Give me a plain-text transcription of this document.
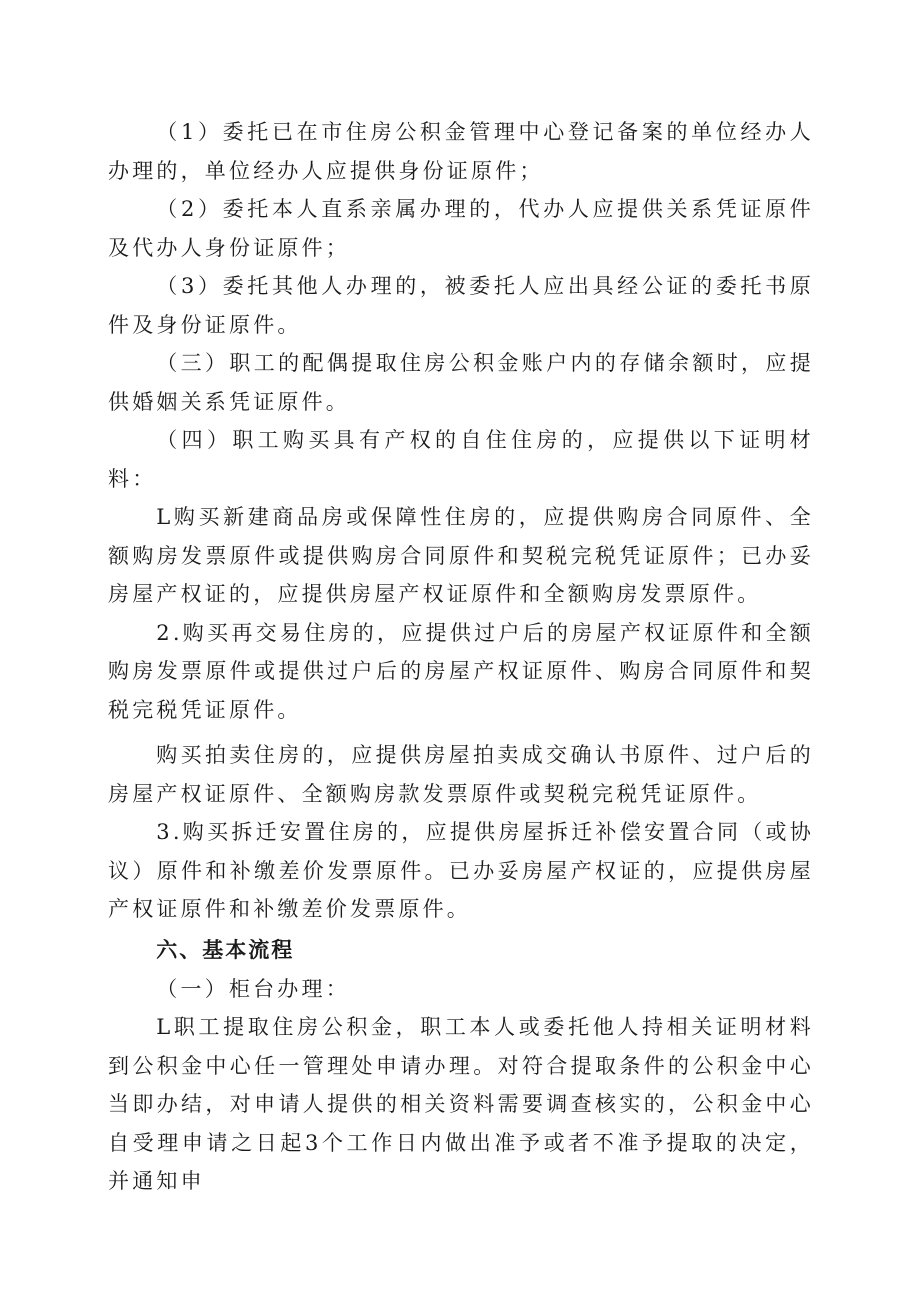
（1）委托已在市住房公积金管理中心登记备案的单位经办人办理的，单位经办人应提供身份证原件；

（2）委托本人直系亲属办理的，代办人应提供关系凭证原件及代办人身份证原件；

（3）委托其他人办理的，被委托人应出具经公证的委托书原件及身份证原件。

（三）职工的配偶提取住房公积金账户内的存储余额时，应提供婚姻关系凭证原件。

（四）职工购买具有产权的自住住房的，应提供以下证明材料：

L购买新建商品房或保障性住房的，应提供购房合同原件、全额购房发票原件或提供购房合同原件和契税完税凭证原件；已办妥房屋产权证的，应提供房屋产权证原件和全额购房发票原件。

2.购买再交易住房的，应提供过户后的房屋产权证原件和全额购房发票原件或提供过户后的房屋产权证原件、购房合同原件和契税完税凭证原件。

购买拍卖住房的，应提供房屋拍卖成交确认书原件、过户后的房屋产权证原件、全额购房款发票原件或契税完税凭证原件。

3.购买拆迁安置住房的，应提供房屋拆迁补偿安置合同（或协议）原件和补缴差价发票原件。已办妥房屋产权证的，应提供房屋产权证原件和补缴差价发票原件。

六、基本流程

（一）柜台办理：

L职工提取住房公积金，职工本人或委托他人持相关证明材料到公积金中心任一管理处申请办理。对符合提取条件的公积金中心当即办结，对申请人提供的相关资料需要调查核实的，公积金中心自受理申请之日起3个工作日内做出准予或者不准予提取的决定，并通知申
